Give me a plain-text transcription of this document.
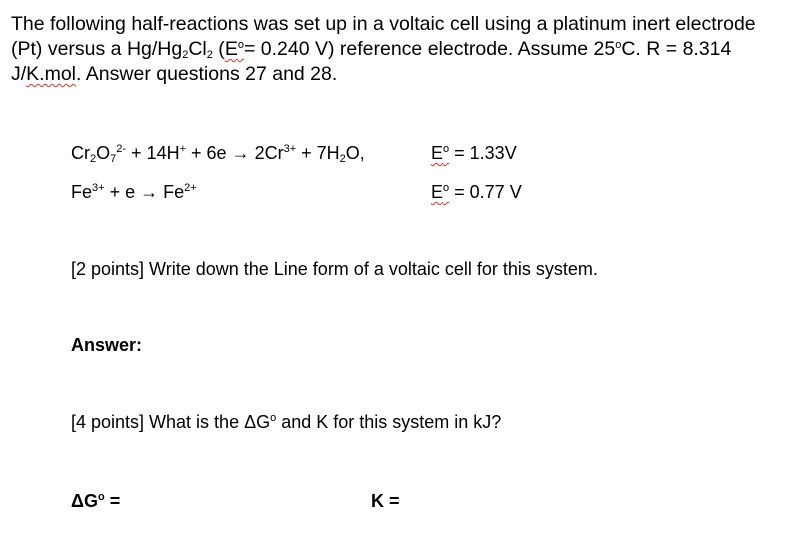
The following half-reactions was set up in a voltaic cell using a platinum inert electrode
(Pt) versus a $Hg/Hg_2Cl_2$ ($E^o= 0.240$ V) reference electrode. Assume 25$^o$C. R = 8.314
J/K.mol. Answer questions 27 and 28.
$Cr_2O_7^{2-} + 14H^+ + 6e \to 2Cr^{3+} + 7H_2O$,	$E^o = 1.33V$
$Fe^{3+} + e \to Fe^{2+}$	$E^o = 0.77$ V
[2 points] Write down the Line form of a voltaic cell for this system.
Answer:
[4 points] What is the $\Delta G^o$ and K for this system in kJ?
$\Delta G^o$ =	K =
